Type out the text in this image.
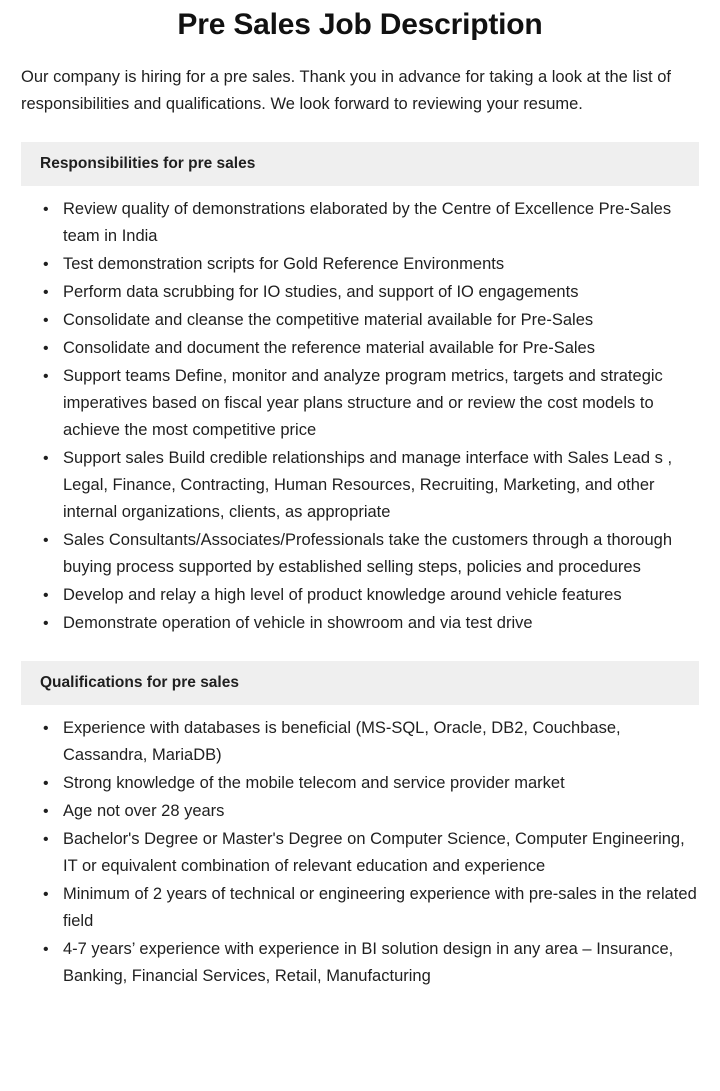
Pre Sales Job Description

Our company is hiring for a pre sales. Thank you in advance for taking a look at the list of responsibilities and qualifications. We look forward to reviewing your resume.

Responsibilities for pre sales
• Review quality of demonstrations elaborated by the Centre of Excellence Pre-Sales team in India
• Test demonstration scripts for Gold Reference Environments
• Perform data scrubbing for IO studies, and support of IO engagements
• Consolidate and cleanse the competitive material available for Pre-Sales
• Consolidate and document the reference material available for Pre-Sales
• Support teams Define, monitor and analyze program metrics, targets and strategic imperatives based on fiscal year plans structure and or review the cost models to achieve the most competitive price
• Support sales Build credible relationships and manage interface with Sales Lead s , Legal, Finance, Contracting, Human Resources, Recruiting, Marketing, and other internal organizations, clients, as appropriate
• Sales Consultants/Associates/Professionals take the customers through a thorough buying process supported by established selling steps, policies and procedures
• Develop and relay a high level of product knowledge around vehicle features
• Demonstrate operation of vehicle in showroom and via test drive
Qualifications for pre sales
• Experience with databases is beneficial (MS-SQL, Oracle, DB2, Couchbase, Cassandra, MariaDB)
• Strong knowledge of the mobile telecom and service provider market
• Age not over 28 years
• Bachelor's Degree or Master's Degree on Computer Science, Computer Engineering, IT or equivalent combination of relevant education and experience
• Minimum of 2 years of technical or engineering experience with pre-sales in the related field
• 4-7 years’ experience with experience in BI solution design in any area – Insurance, Banking, Financial Services, Retail, Manufacturing
